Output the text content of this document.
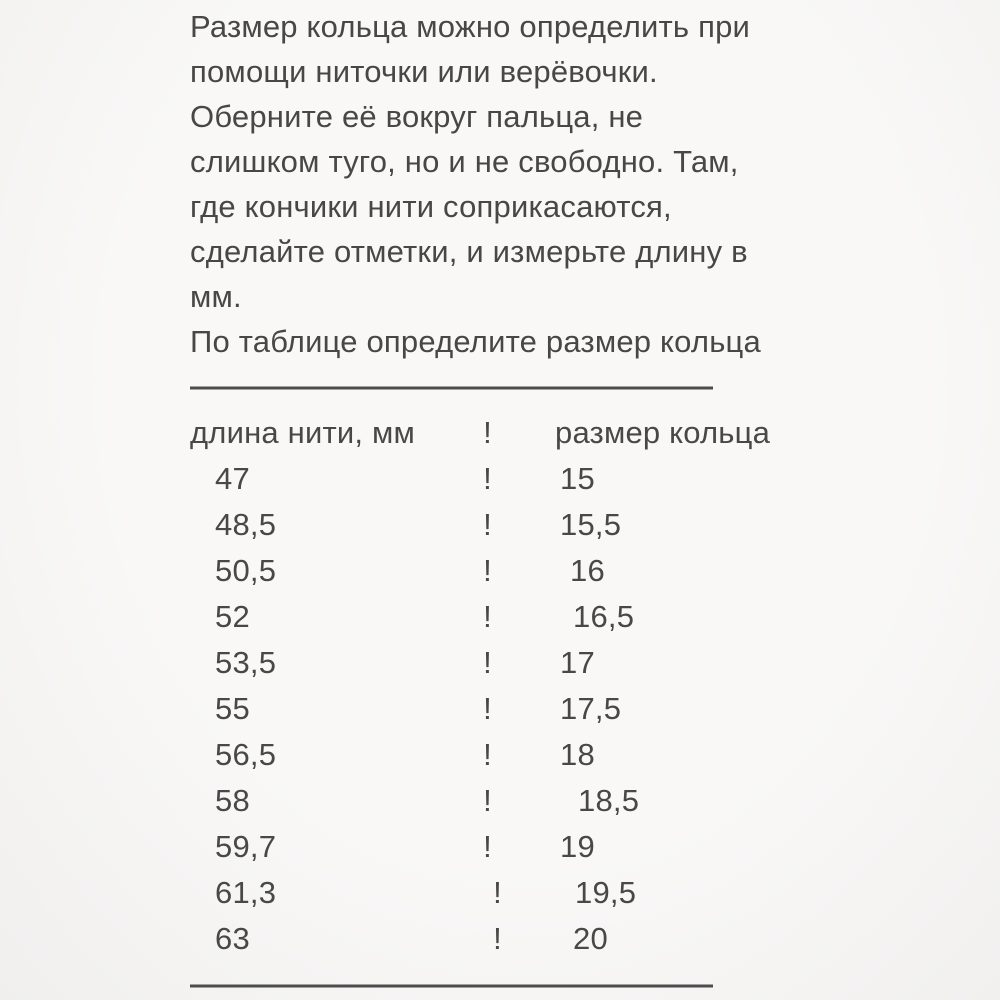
Размер кольца можно определить при
помощи ниточки или верёвочки.
Оберните её вокруг пальца, не
слишком туго, но и не свободно. Там,
где кончики нити соприкасаются,
сделайте отметки, и измерьте длину в
мм.
По таблице определите размер кольца
——————————————————
длина нити, мм	!	размер кольца
47	!	15
48,5	!	15,5
50,5	!	16
52	!	16,5
53,5	!	17
55	!	17,5
56,5	!	18
58	!	18,5
59,7	!	19
61,3	!	19,5
63	!	20
——————————————————
